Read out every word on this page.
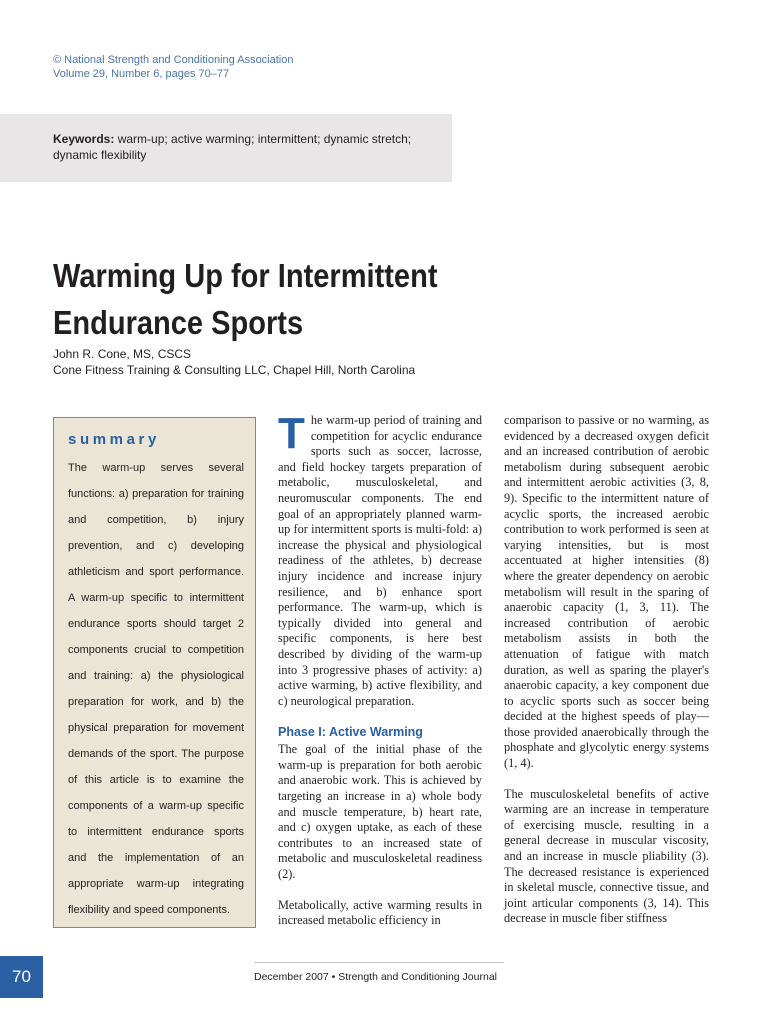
© National Strength and Conditioning Association
Volume 29, Number 6, pages 70–77
Keywords: warm-up; active warming; intermittent; dynamic stretch; dynamic flexibility
Warming Up for Intermittent
Endurance Sports
John R. Cone, MS, CSCS
Cone Fitness Training & Consulting LLC, Chapel Hill, North Carolina
summary
The warm-up serves several functions: a) preparation for training and competition, b) injury prevention, and c) developing athleticism and sport performance. A warm-up specific to intermittent endurance sports should target 2 components crucial to competition and training: a) the physiological preparation for work, and b) the physical preparation for movement demands of the sport. The purpose of this article is to examine the components of a warm-up specific to intermittent endurance sports and the implementation of an appropriate warm-up integrating flexibility and speed components.

The warm-up period of training and competition for acyclic endurance sports such as soccer, lacrosse, and field hockey targets preparation of metabolic, musculoskeletal, and neuromuscular components. The end goal of an appropriately planned warm-up for intermittent sports is multi-fold: a) increase the physical and physiological readiness of the athletes, b) decrease injury incidence and increase injury resilience, and b) enhance sport performance. The warm-up, which is typically divided into general and specific components, is here best described by dividing of the warm-up into 3 progressive phases of activity: a) active warming, b) active flexibility, and c) neurological preparation.

Phase I: Active Warming

The goal of the initial phase of the warm-up is preparation for both aerobic and anaerobic work. This is achieved by targeting an increase in a) whole body and muscle temperature, b) heart rate, and c) oxygen uptake, as each of these contributes to an increased state of metabolic and musculoskeletal readiness (2).

Metabolically, active warming results in increased metabolic efficiency in

comparison to passive or no warming, as evidenced by a decreased oxygen deficit and an increased contribution of aerobic metabolism during subsequent aerobic and intermittent aerobic activities (3, 8, 9). Specific to the intermittent nature of acyclic sports, the increased aerobic contribution to work performed is seen at varying intensities, but is most accentuated at higher intensities (8) where the greater dependency on aerobic metabolism will result in the sparing of anaerobic capacity (1, 3, 11). The increased contribution of aerobic metabolism assists in both the attenuation of fatigue with match duration, as well as sparing the player's anaerobic capacity, a key component due to acyclic sports such as soccer being decided at the highest speeds of play—those provided anaerobically through the phosphate and glycolytic energy systems (1, 4).

The musculoskeletal benefits of active warming are an increase in temperature of exercising muscle, resulting in a general decrease in muscular viscosity, and an increase in muscle pliability (3). The decreased resistance is experienced in skeletal muscle, connective tissue, and joint articular components (3, 14). This decrease in muscle fiber stiffness

70	December 2007 • Strength and Conditioning Journal
